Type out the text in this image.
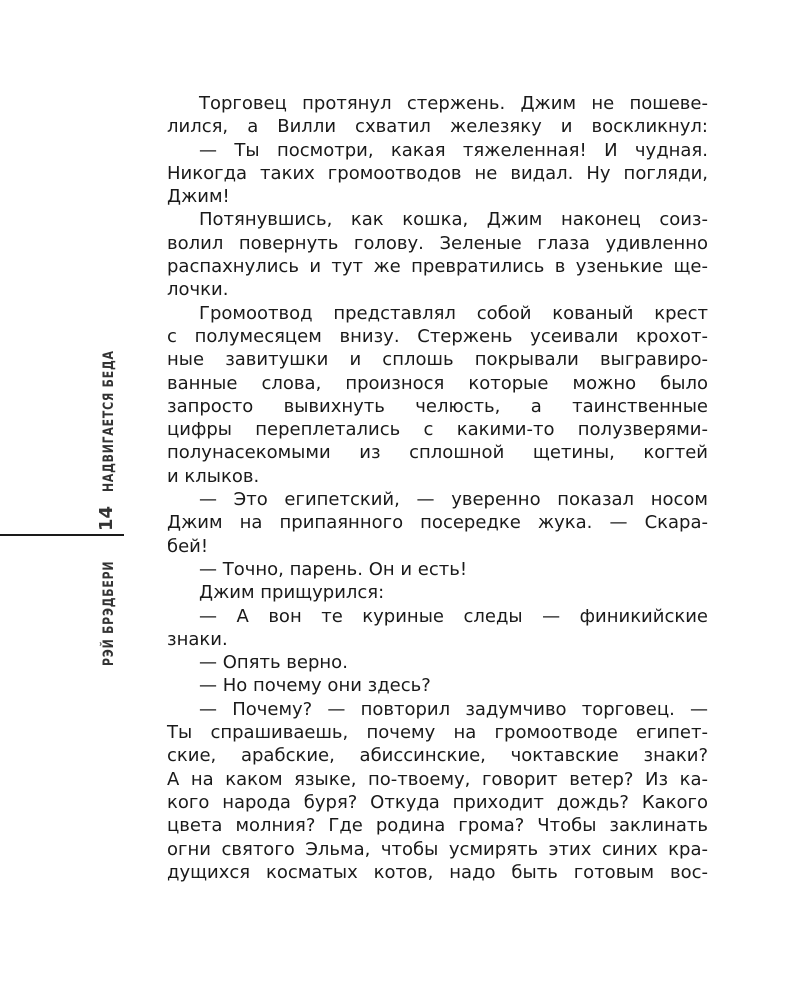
НАДВИГАЕТСЯ БЕДА
14
РЭЙ БРЭДБЕРИ
Торговец протянул стержень. Джим не пошеве-
лился, а Вилли схватил железяку и воскликнул:
— Ты посмотри, какая тяжеленная! И чудная.
Никогда таких громоотводов не видал. Ну погляди,
Джим!
Потянувшись, как кошка, Джим наконец соиз-
волил повернуть голову. Зеленые глаза удивленно
распахнулись и тут же превратились в узенькие ще-
лочки.
Громоотвод представлял собой кованый крест
с полумесяцем внизу. Стержень усеивали крохот-
ные завитушки и сплошь покрывали выгравиро-
ванные слова, произнося которые можно было
запросто вывихнуть челюсть, а таинственные
цифры переплетались с какими-то полузверями-
полунасекомыми из сплошной щетины, когтей
и клыков.
— Это египетский, — уверенно показал носом
Джим на припаянного посередке жука. — Скара-
бей!
— Точно, парень. Он и есть!
Джим прищурился:
— А вон те куриные следы — финикийские
знаки.
— Опять верно.
— Но почему они здесь?
— Почему? — повторил задумчиво торговец. —
Ты спрашиваешь, почему на громоотводе египет-
ские, арабские, абиссинские, чоктавские знаки?
А на каком языке, по-твоему, говорит ветер? Из ка-
кого народа буря? Откуда приходит дождь? Какого
цвета молния? Где родина грома? Чтобы заклинать
огни святого Эльма, чтобы усмирять этих синих кра-
дущихся косматых котов, надо быть готовым вос-
